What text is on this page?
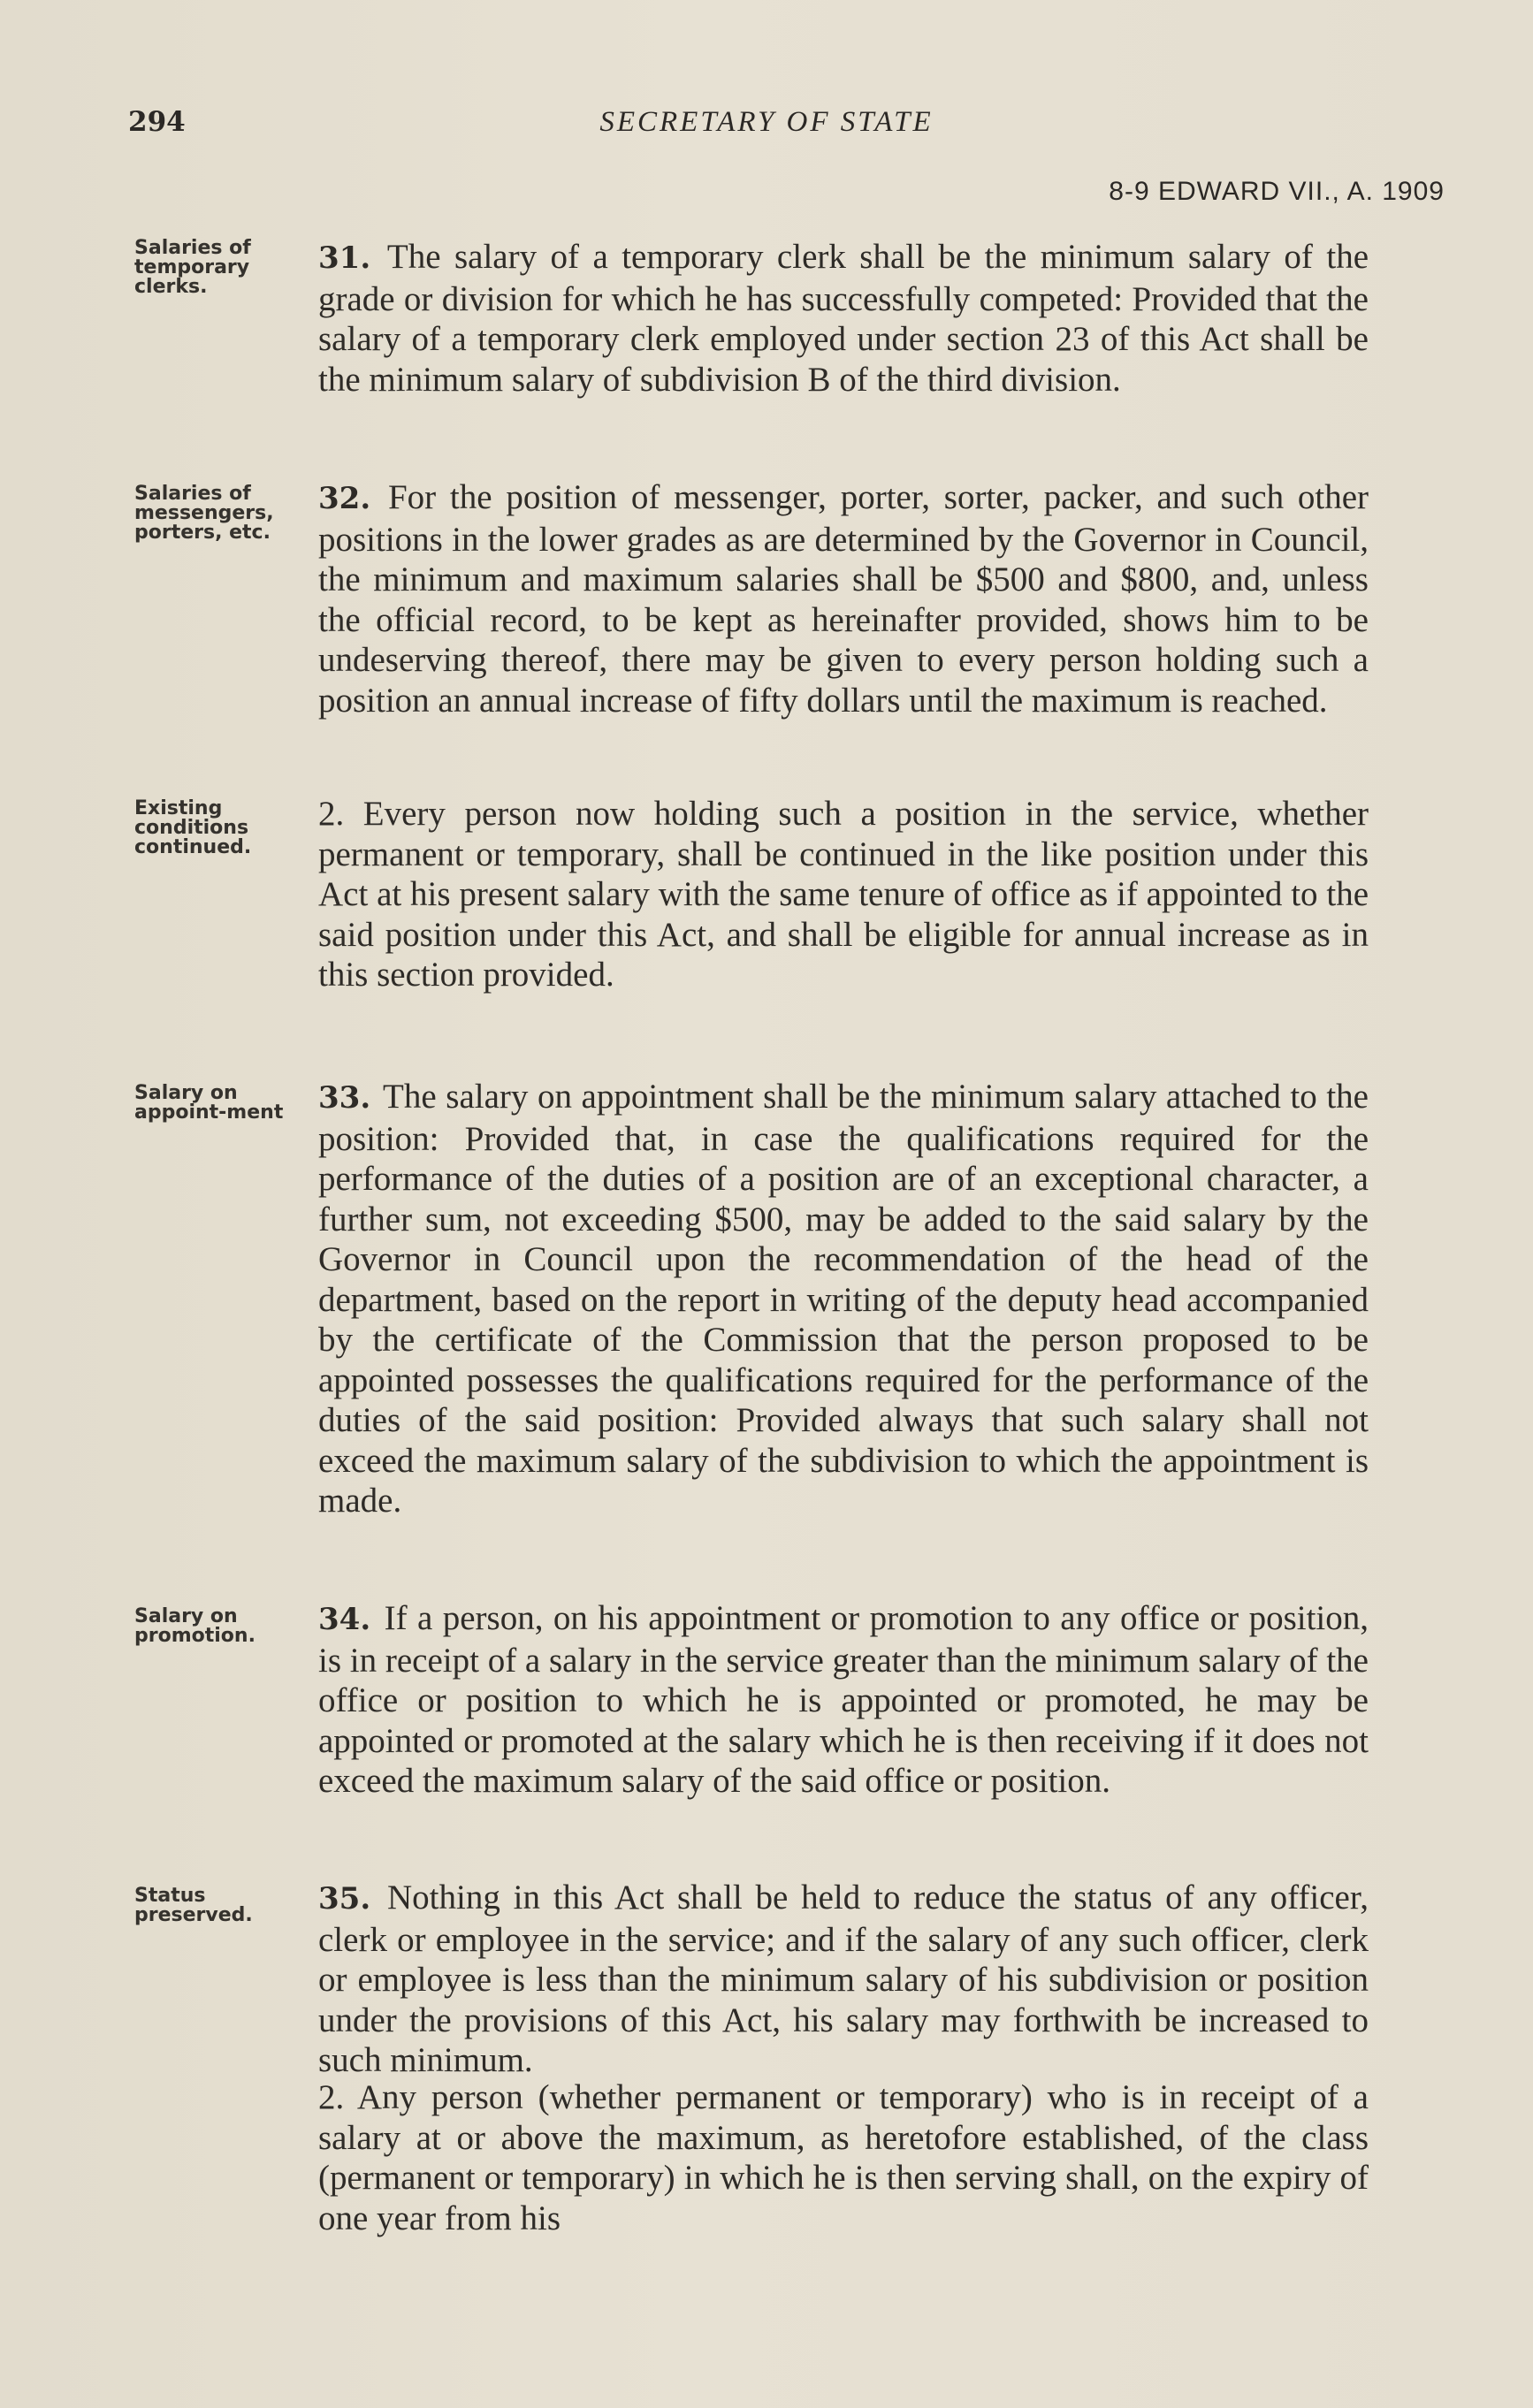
294	SECRETARY OF STATE
8-9 EDWARD VII., A. 1909
Salaries of temporary clerks.
31. The salary of a temporary clerk shall be the minimum salary of the grade or division for which he has successfully competed: Provided that the salary of a temporary clerk employed under section 23 of this Act shall be the minimum salary of subdivision B of the third division.
Salaries of messengers, porters, etc.
32. For the position of messenger, porter, sorter, packer, and such other positions in the lower grades as are determined by the Governor in Council, the minimum and maximum salaries shall be $500 and $800, and, unless the official record, to be kept as hereinafter provided, shows him to be undeserving thereof, there may be given to every person holding such a position an annual increase of fifty dollars until the maximum is reached.
Existing conditions continued.
2. Every person now holding such a position in the service, whether permanent or temporary, shall be continued in the like position under this Act at his present salary with the same tenure of office as if appointed to the said position under this Act, and shall be eligible for annual increase as in this section provided.
Salary on appoint-ment 33. The salary on appointment shall be the minimum salary attached to the position: Provided that, in case the qualifications required for the performance of the duties of a position are of an exceptional character, a further sum, not exceeding $500, may be added to the said salary by the Governor in Council upon the recommendation of the head of the department, based on the report in writing of the deputy head accompanied by the certificate of the Commission that the person proposed to be appointed possesses the qualifications required for the performance of the duties of the said position: Provided always that such salary shall not exceed the maximum salary of the subdivision to which the appointment is made.
Salary on promotion.	34. If a person, on his appointment or promotion to any office or position, is in receipt of a salary in the service greater than the minimum salary of the office or position to which he is appointed or promoted, he may be appointed or promoted at the salary which he is then receiving if it does not exceed the maximum salary of the said office or position.
Status preserved.	35. Nothing in this Act shall be held to reduce the status of any officer, clerk or employee in the service; and if the salary of any such officer, clerk or employee is less than the minimum salary of his subdivision or position under the provisions of this Act, his salary may forthwith be increased to such minimum.
2. Any person (whether permanent or temporary) who is in receipt of a salary at or above the maximum, as heretofore established, of the class (permanent or temporary) in which he is then serving shall, on the expiry of one year from his
